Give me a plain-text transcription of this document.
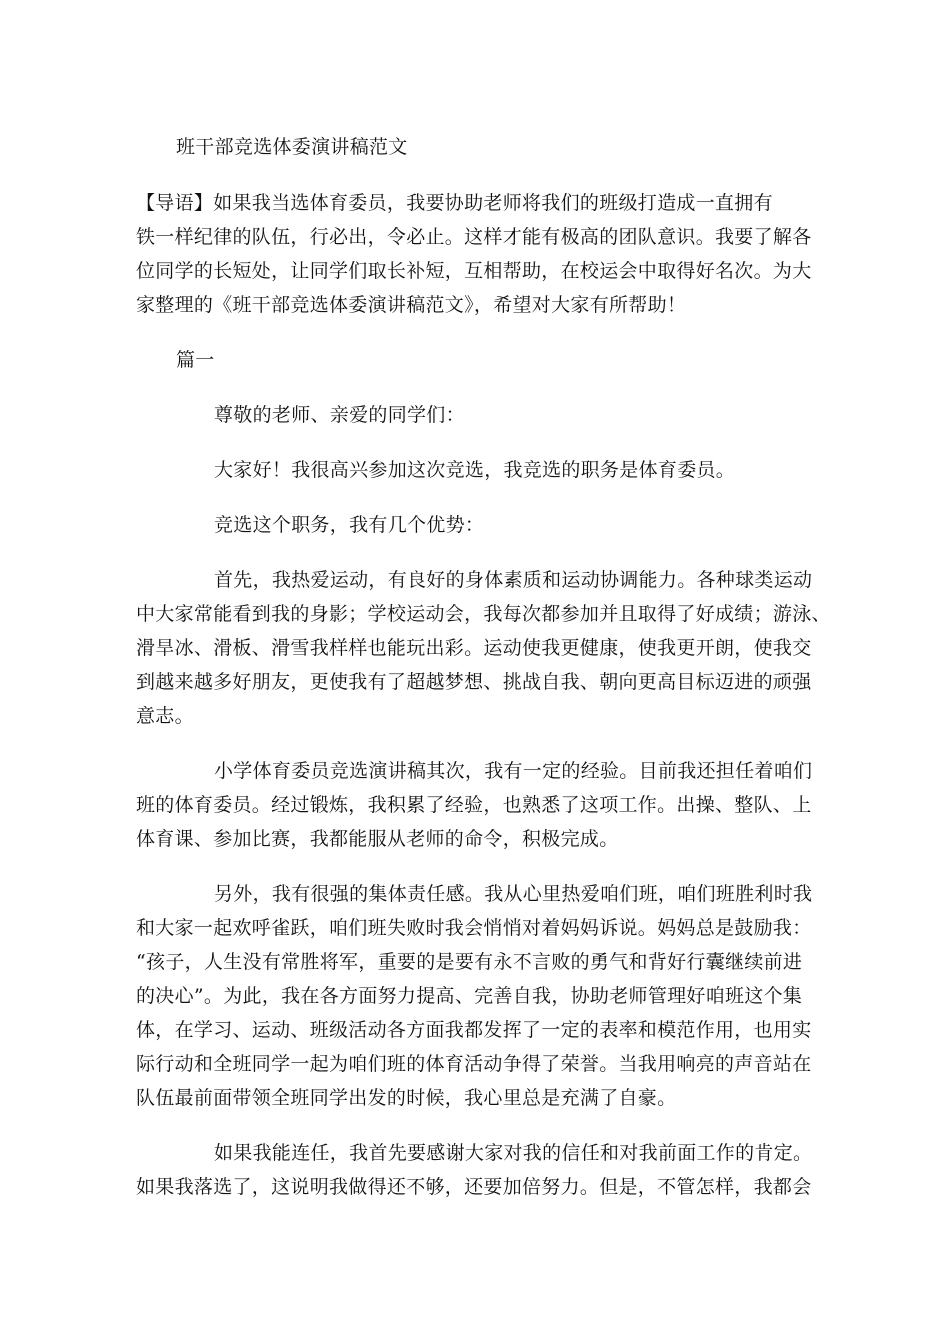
班干部竞选体委演讲稿范文
【导语】如果我当选体育委员，我要协助老师将我们的班级打造成一直拥有
铁一样纪律的队伍，行必出，令必止。这样才能有极高的团队意识。我要了解各
位同学的长短处，让同学们取长补短，互相帮助，在校运会中取得好名次。为大
家整理的《班干部竞选体委演讲稿范文》，希望对大家有所帮助！
篇一
尊敬的老师、亲爱的同学们：
大家好！我很高兴参加这次竞选，我竞选的职务是体育委员。
竞选这个职务，我有几个优势：
首先，我热爱运动，有良好的身体素质和运动协调能力。各种球类运动
中大家常能看到我的身影；学校运动会，我每次都参加并且取得了好成绩；游泳、
滑旱冰、滑板、滑雪我样样也能玩出彩。运动使我更健康，使我更开朗，使我交
到越来越多好朋友，更使我有了超越梦想、挑战自我、朝向更高目标迈进的顽强
意志。
小学体育委员竞选演讲稿其次，我有一定的经验。目前我还担任着咱们
班的体育委员。经过锻炼，我积累了经验，也熟悉了这项工作。出操、整队、上
体育课、参加比赛，我都能服从老师的命令，积极完成。
另外，我有很强的集体责任感。我从心里热爱咱们班，咱们班胜利时我
和大家一起欢呼雀跃，咱们班失败时我会悄悄对着妈妈诉说。妈妈总是鼓励我：
“孩子，人生没有常胜将军，重要的是要有永不言败的勇气和背好行囊继续前进
的决心”。为此，我在各方面努力提高、完善自我，协助老师管理好咱班这个集
体，在学习、运动、班级活动各方面我都发挥了一定的表率和模范作用，也用实
际行动和全班同学一起为咱们班的体育活动争得了荣誉。当我用响亮的声音站在
队伍最前面带领全班同学出发的时候，我心里总是充满了自豪。
如果我能连任，我首先要感谢大家对我的信任和对我前面工作的肯定。
如果我落选了，这说明我做得还不够，还要加倍努力。但是，不管怎样，我都会
